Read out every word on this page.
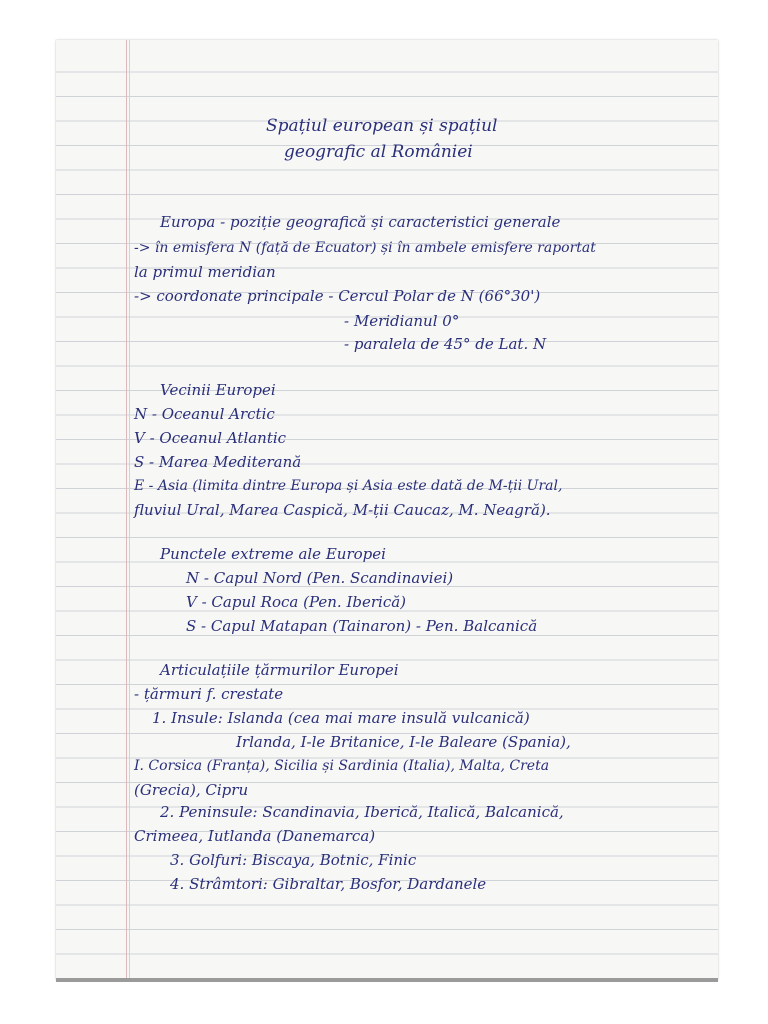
Spațiul european și spațiul
geografic al României
Europa - poziție geografică și caracteristici generale
-> în emisfera N (față de Ecuator) și în ambele emisfere raportat
la primul meridian
-> coordonate principale - Cercul Polar de N (66°30')
- Meridianul 0°
- paralela de 45° de Lat. N
Vecinii Europei
N - Oceanul Arctic
V - Oceanul Atlantic
S - Marea Mediterană
E - Asia (limita dintre Europa și Asia este dată de M-ții Ural,
fluviul Ural, Marea Caspică, M-ții Caucaz, M. Neagră).
Punctele extreme ale Europei
N - Capul Nord (Pen. Scandinaviei)
V - Capul Roca (Pen. Iberică)
S - Capul Matapan (Tainaron) - Pen. Balcanică
Articulațiile țărmurilor Europei
- țărmuri f. crestate
1. Insule: Islanda (cea mai mare insulă vulcanică)
Irlanda, I-le Britanice, I-le Baleare (Spania),
I. Corsica (Franța), Sicilia și Sardinia (Italia), Malta, Creta
(Grecia), Cipru
2. Peninsule: Scandinavia, Iberică, Italică, Balcanică,
Crimeea, Iutlanda (Danemarca)
3. Golfuri: Biscaya, Botnic, Finic
4. Strâmtori: Gibraltar, Bosfor, Dardanele
